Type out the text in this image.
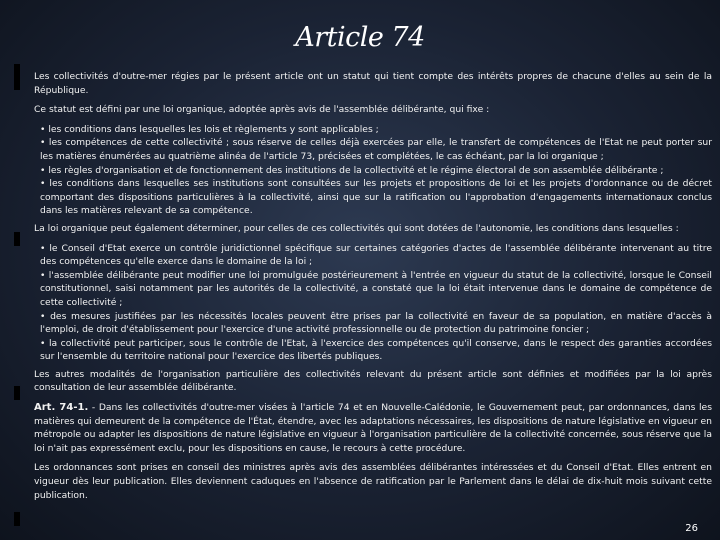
Article 74

Les collectivités d'outre-mer régies par le présent article ont un statut qui tient compte des intérêts propres de chacune d'elles au sein de la République.

Ce statut est défini par une loi organique, adoptée après avis de l'assemblée délibérante, qui fixe :

• les conditions dans lesquelles les lois et règlements y sont applicables ;
• les compétences de cette collectivité ; sous réserve de celles déjà exercées par elle, le transfert de compétences de l'Etat ne peut porter sur les matières énumérées au quatrième alinéa de l'article 73, précisées et complétées, le cas échéant, par la loi organique ;
• les règles d'organisation et de fonctionnement des institutions de la collectivité et le régime électoral de son assemblée délibérante ;
• les conditions dans lesquelles ses institutions sont consultées sur les projets et propositions de loi et les projets d'ordonnance ou de décret comportant des dispositions particulières à la collectivité, ainsi que sur la ratification ou l'approbation d'engagements internationaux conclus dans les matières relevant de sa compétence.

La loi organique peut également déterminer, pour celles de ces collectivités qui sont dotées de l'autonomie, les conditions dans lesquelles :

• le Conseil d'Etat exerce un contrôle juridictionnel spécifique sur certaines catégories d'actes de l'assemblée délibérante intervenant au titre des compétences qu'elle exerce dans le domaine de la loi ;
• l'assemblée délibérante peut modifier une loi promulguée postérieurement à l'entrée en vigueur du statut de la collectivité, lorsque le Conseil constitutionnel, saisi notamment par les autorités de la collectivité, a constaté que la loi était intervenue dans le domaine de compétence de cette collectivité ;
• des mesures justifiées par les nécessités locales peuvent être prises par la collectivité en faveur de sa population, en matière d'accès à l'emploi, de droit d'établissement pour l'exercice d'une activité professionnelle ou de protection du patrimoine foncier ;
• la collectivité peut participer, sous le contrôle de l'Etat, à l'exercice des compétences qu'il conserve, dans le respect des garanties accordées sur l'ensemble du territoire national pour l'exercice des libertés publiques.

Les autres modalités de l'organisation particulière des collectivités relevant du présent article sont définies et modifiées par la loi après consultation de leur assemblée délibérante.

Art. 74-1. - Dans les collectivités d'outre-mer visées à l'article 74 et en Nouvelle-Calédonie, le Gouvernement peut, par ordonnances, dans les matières qui demeurent de la compétence de l'État, étendre, avec les adaptations nécessaires, les dispositions de nature législative en vigueur en métropole ou adapter les dispositions de nature législative en vigueur à l'organisation particulière de la collectivité concernée, sous réserve que la loi n'ait pas expressément exclu, pour les dispositions en cause, le recours à cette procédure.

Les ordonnances sont prises en conseil des ministres après avis des assemblées délibérantes intéressées et du Conseil d'Etat. Elles entrent en vigueur dès leur publication. Elles deviennent caduques en l'absence de ratification par le Parlement dans le délai de dix-huit mois suivant cette publication.

26
